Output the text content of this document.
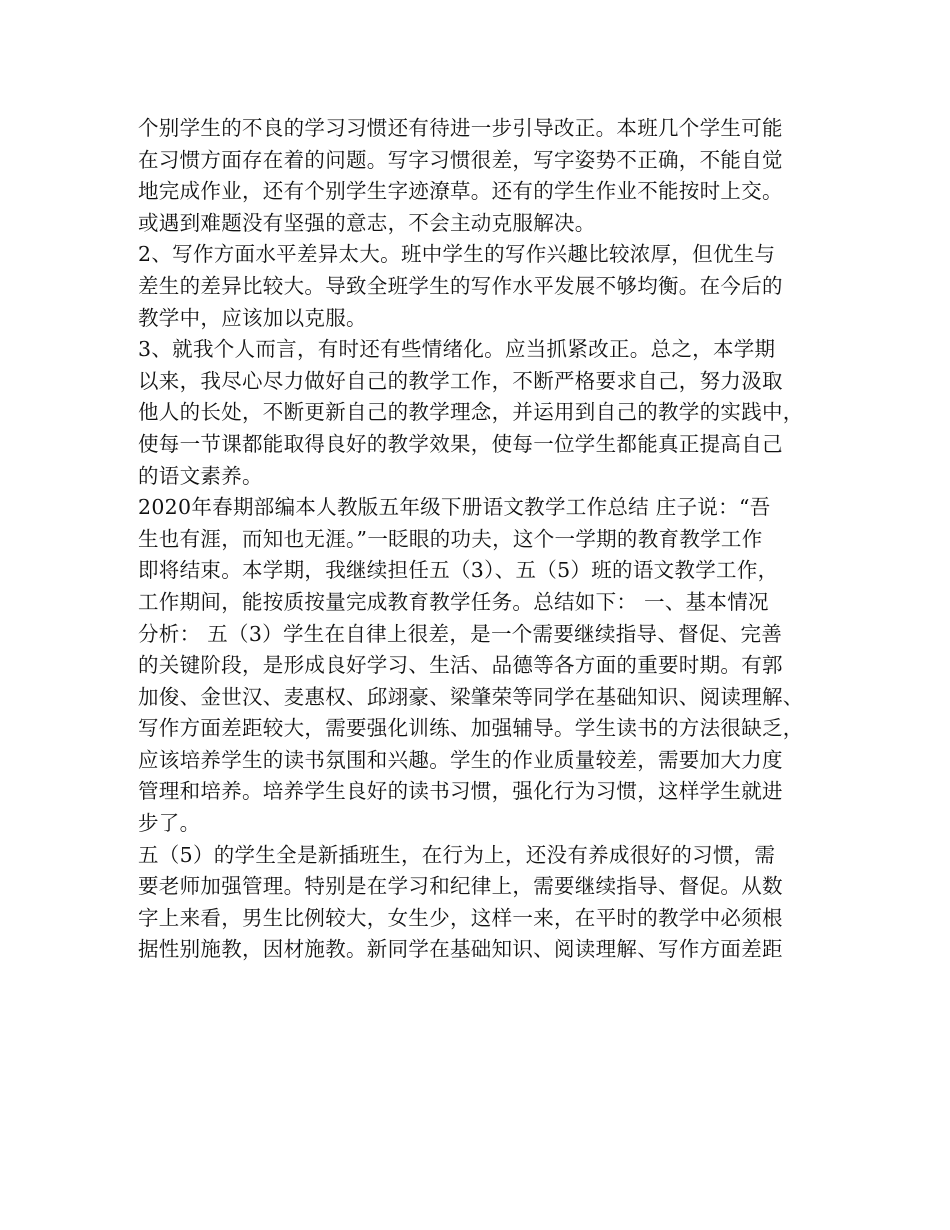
个别学生的不良的学习习惯还有待进一步引导改正。本班几个学生可能
在习惯方面存在着的问题。写字习惯很差，写字姿势不正确，不能自觉
地完成作业，还有个别学生字迹潦草。还有的学生作业不能按时上交。
或遇到难题没有坚强的意志，不会主动克服解决。

2、写作方面水平差异太大。班中学生的写作兴趣比较浓厚，但优生与
差生的差异比较大。导致全班学生的写作水平发展不够均衡。在今后的
教学中，应该加以克服。

3、就我个人而言，有时还有些情绪化。应当抓紧改正。总之，本学期
以来，我尽心尽力做好自己的教学工作，不断严格要求自己，努力汲取
他人的长处，不断更新自己的教学理念，并运用到自己的教学的实践中，
使每一节课都能取得良好的教学效果，使每一位学生都能真正提高自己
的语文素养。

2020年春期部编本人教版五年级下册语文教学工作总结 庄子说：“吾
生也有涯，而知也无涯。”一眨眼的功夫，这个一学期的教育教学工作
即将结束。本学期，我继续担任五（3）、五（5）班的语文教学工作，
工作期间，能按质按量完成教育教学任务。总结如下： 一、基本情况
分析： 五（3）学生在自律上很差，是一个需要继续指导、督促、完善
的关键阶段，是形成良好学习、生活、品德等各方面的重要时期。有郭
加俊、金世汉、麦惠权、邱翊豪、梁肇荣等同学在基础知识、阅读理解、
写作方面差距较大，需要强化训练、加强辅导。学生读书的方法很缺乏，
应该培养学生的读书氛围和兴趣。学生的作业质量较差，需要加大力度
管理和培养。培养学生良好的读书习惯，强化行为习惯，这样学生就进
步了。

五（5）的学生全是新插班生，在行为上，还没有养成很好的习惯，需
要老师加强管理。特别是在学习和纪律上，需要继续指导、督促。从数
字上来看，男生比例较大，女生少，这样一来，在平时的教学中必须根
据性别施教，因材施教。新同学在基础知识、阅读理解、写作方面差距
